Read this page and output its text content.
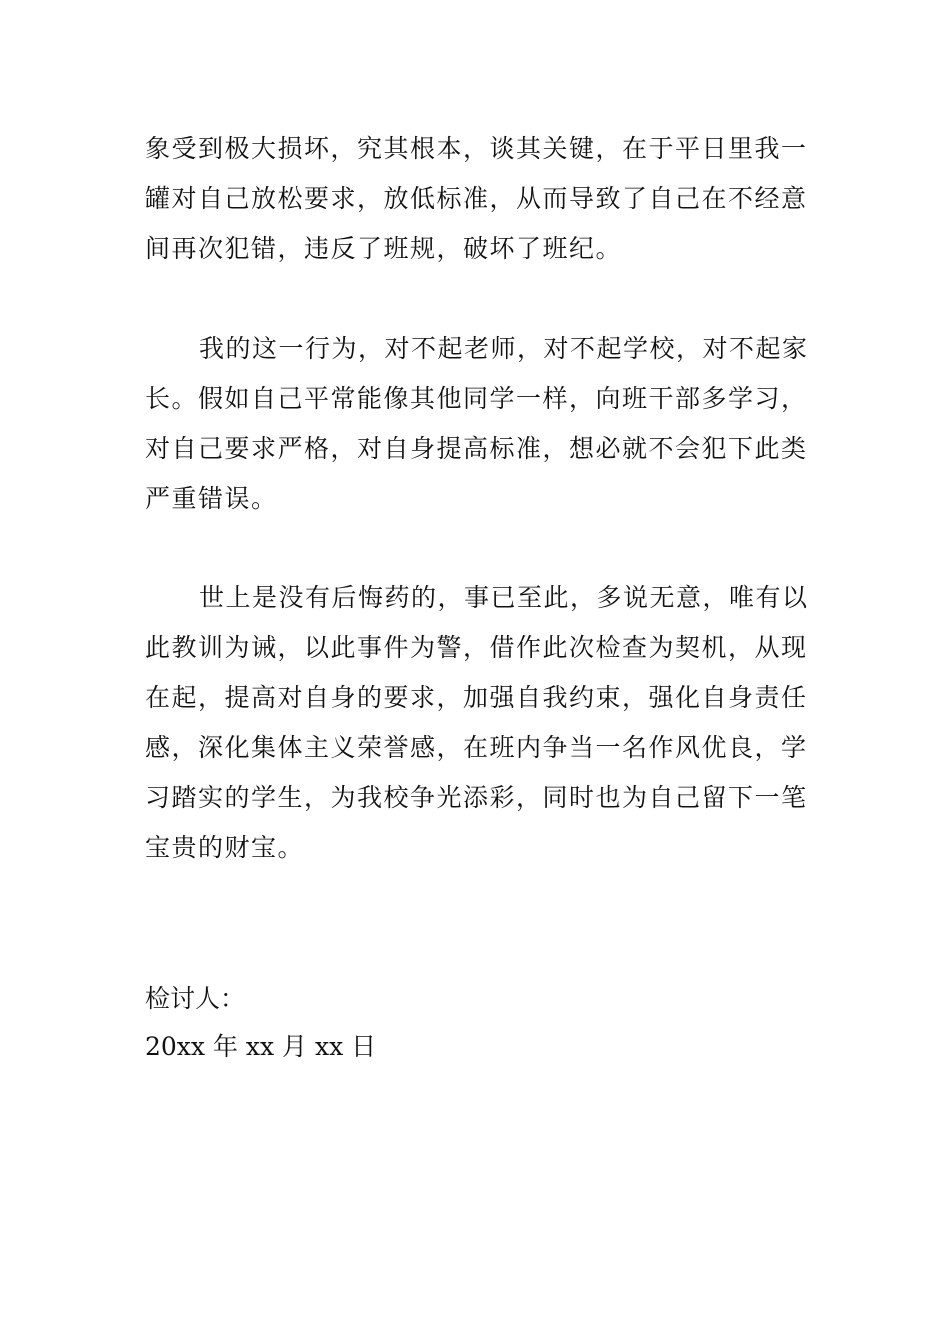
象受到极大损坏，究其根本，谈其关键，在于平日里我一罐对自己放松要求，放低标准，从而导致了自己在不经意间再次犯错，违反了班规，破坏了班纪。

我的这一行为，对不起老师，对不起学校，对不起家长。假如自己平常能像其他同学一样，向班干部多学习，对自己要求严格，对自身提高标准，想必就不会犯下此类严重错误。

世上是没有后悔药的，事已至此，多说无意，唯有以此教训为诫，以此事件为警，借作此次检查为契机，从现在起，提高对自身的要求，加强自我约束，强化自身责任感，深化集体主义荣誉感，在班内争当一名作风优良，学习踏实的学生，为我校争光添彩，同时也为自己留下一笔宝贵的财宝。

检讨人：

20xx 年 xx 月 xx 日
